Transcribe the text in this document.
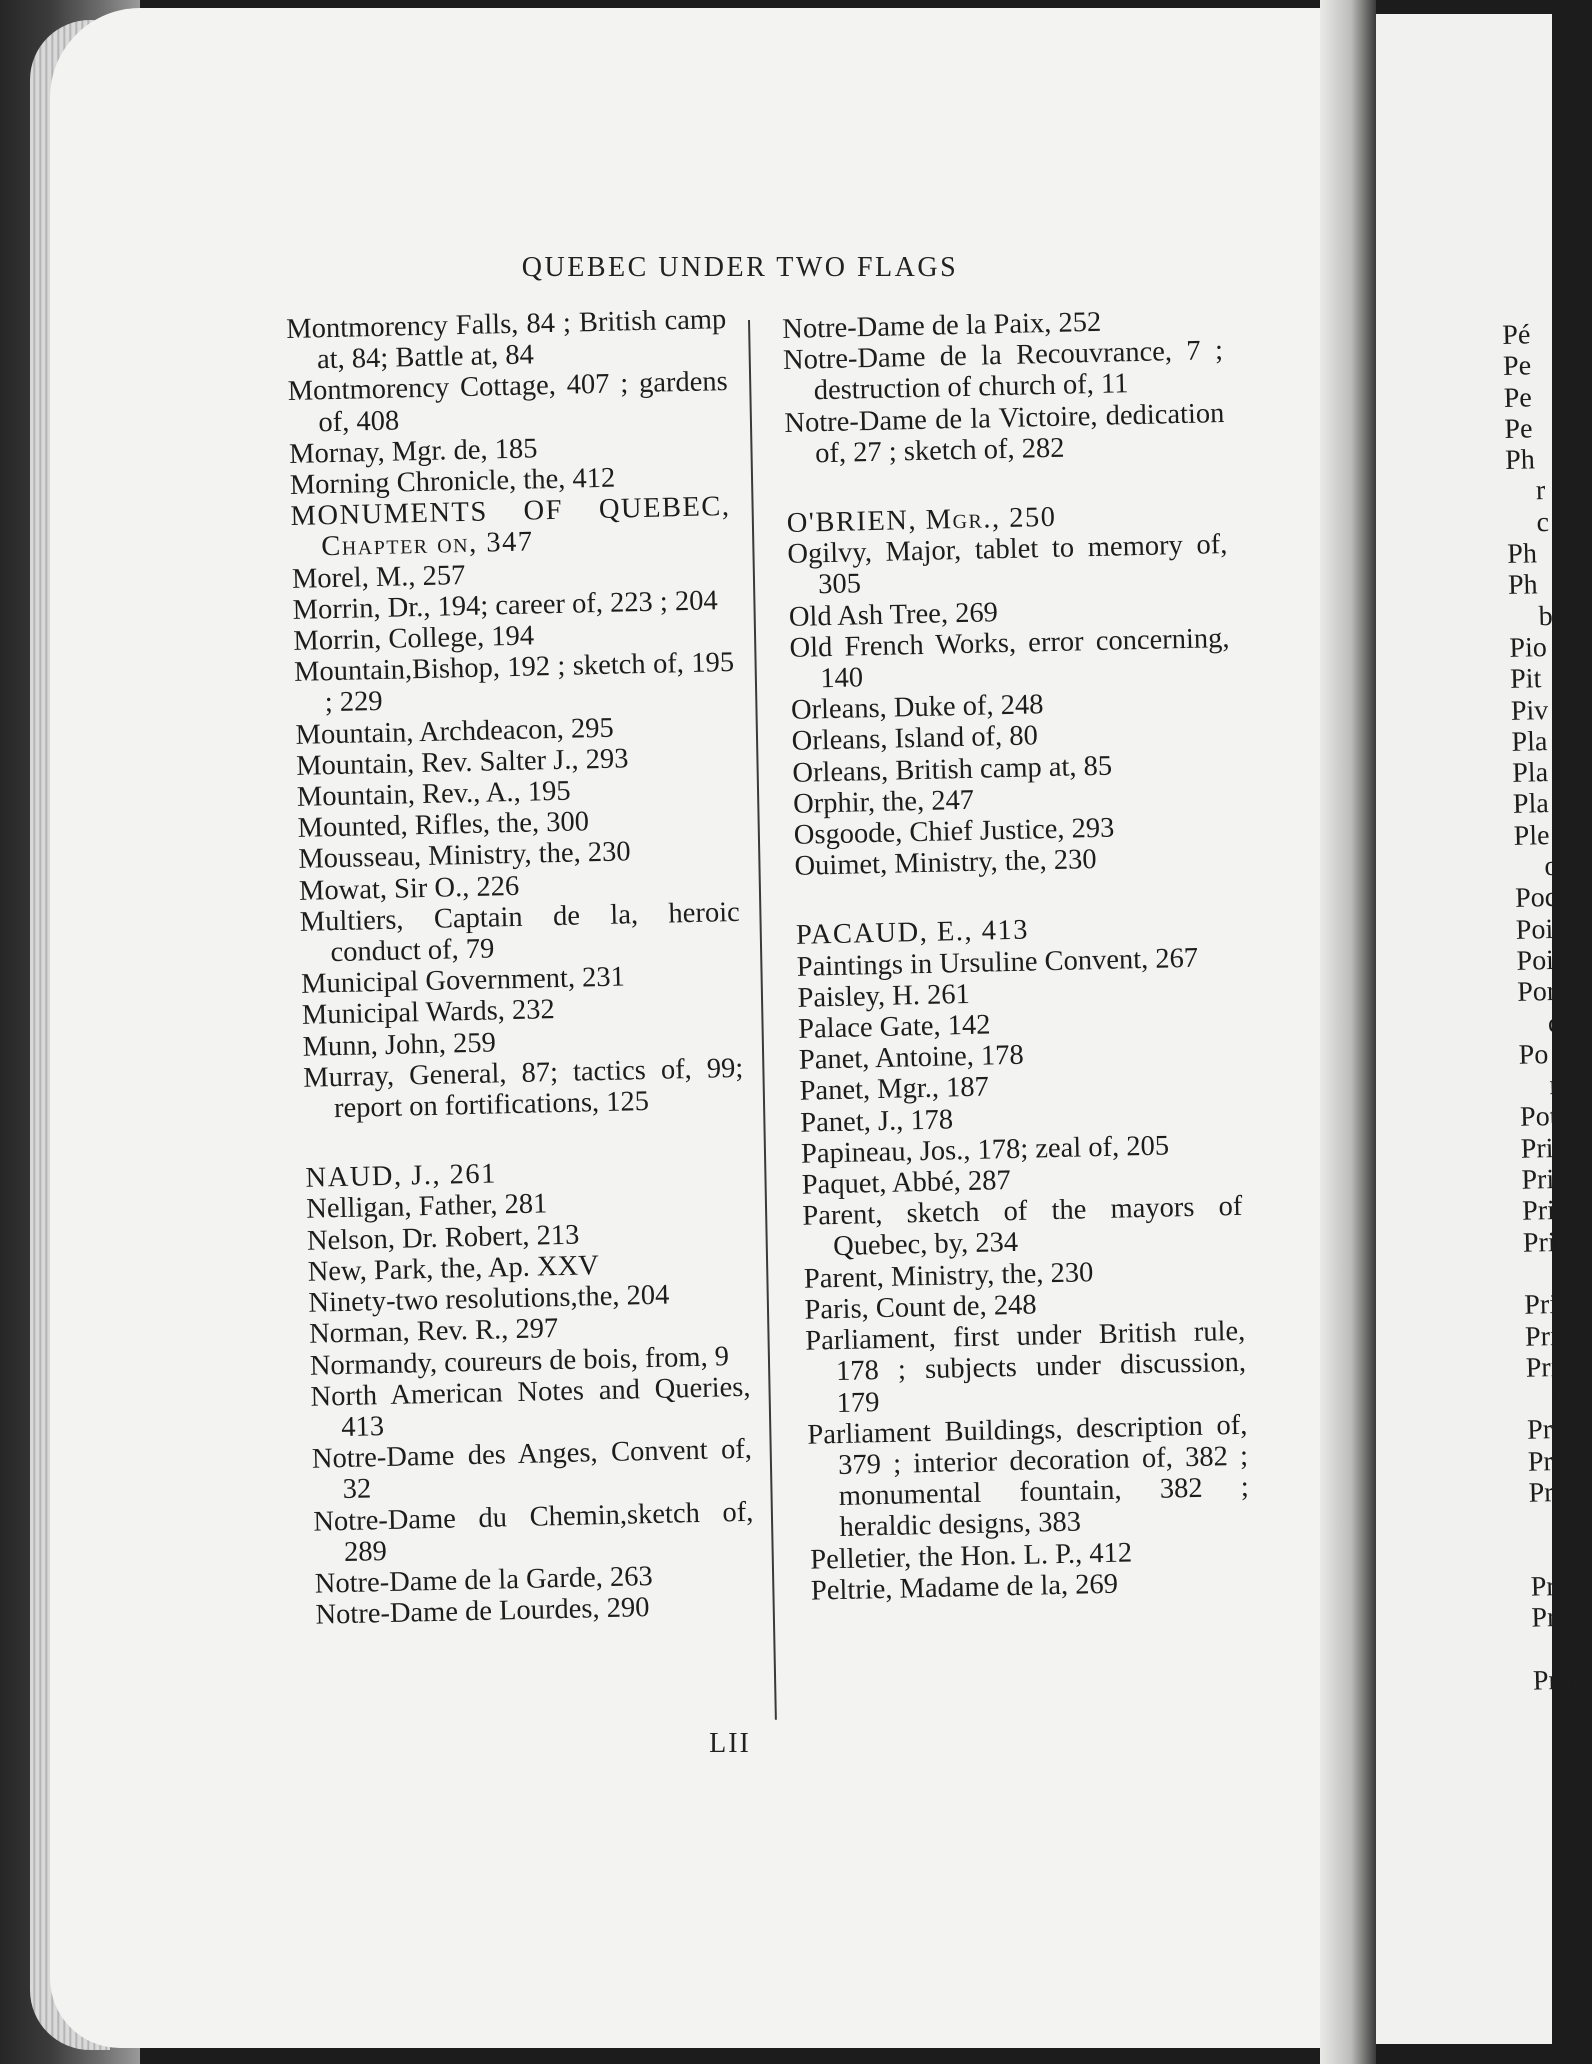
QUEBEC UNDER TWO FLAGS
Montmorency Falls, 84 ; British camp at, 84; Battle at, 84
Montmorency Cottage, 407 ; gardens of, 408
Mornay, Mgr. de, 185
Morning Chronicle, the, 412
MONUMENTS OF QUEBEC, Chapter on, 347
Morel, M., 257
Morrin, Dr., 194; career of, 223 ; 204
Morrin, College, 194
Mountain,Bishop, 192 ; sketch of, 195 ; 229
Mountain, Archdeacon, 295
Mountain, Rev. Salter J., 293
Mountain, Rev., A., 195
Mounted, Rifles, the, 300
Mousseau, Ministry, the, 230
Mowat, Sir O., 226
Multiers, Captain de la, heroic conduct of, 79
Municipal Government, 231
Municipal Wards, 232
Munn, John, 259
Murray, General, 87; tactics of, 99; report on fortifications, 125
NAUD, J., 261
Nelligan, Father, 281
Nelson, Dr. Robert, 213
New, Park, the, Ap. XXV
Ninety-two resolutions,the, 204
Norman, Rev. R., 297
Normandy, coureurs de bois, from, 9
North American Notes and Queries, 413
Notre-Dame des Anges, Convent of, 32
Notre-Dame du Chemin,sketch of, 289
Notre-Dame de la Garde, 263
Notre-Dame de Lourdes, 290
Notre-Dame de la Paix, 252
Notre-Dame de la Recouvrance, 7 ; destruction of church of, 11
Notre-Dame de la Victoire, dedication of, 27 ; sketch of, 282
O'BRIEN, Mgr., 250
Ogilvy, Major, tablet to memory of, 305
Old Ash Tree, 269
Old French Works, error concerning, 140
Orleans, Duke of, 248
Orleans, Island of, 80
Orleans, British camp at, 85
Orphir, the, 247
Osgoode, Chief Justice, 293
Ouimet, Ministry, the, 230
PACAUD, E., 413
Paintings in Ursuline Convent, 267
Paisley, H. 261
Palace Gate, 142
Panet, Antoine, 178
Panet, Mgr., 187
Panet, J., 178
Papineau, Jos., 178; zeal of, 205
Paquet, Abbé, 287
Parent, sketch of the mayors of Quebec, by, 234
Parent, Ministry, the, 230
Paris, Count de, 248
Parliament, first under British rule, 178 ; subjects under discussion, 179
Parliament Buildings, description of, 379 ; interior decoration of, 382 ; monumental fountain, 382 ; heraldic designs, 383
Pelletier, the Hon. L. P., 412
Peltrie, Madame de la, 269
LII
Pé
Pe
Pe
Pe
Ph
r
c
Ph
Ph
b
Pio
Pit
Piv
Pla
Pla
Pla
Ple
o
Poc
Poi
Poi
Por
c
Po
r
Pot
Pric
Pric
Pric
Prin
th
Prin
Prin
Prin
Q
Pris
Proc
Pror
u
3o
Prot
Prot
cu
Prot
Q
